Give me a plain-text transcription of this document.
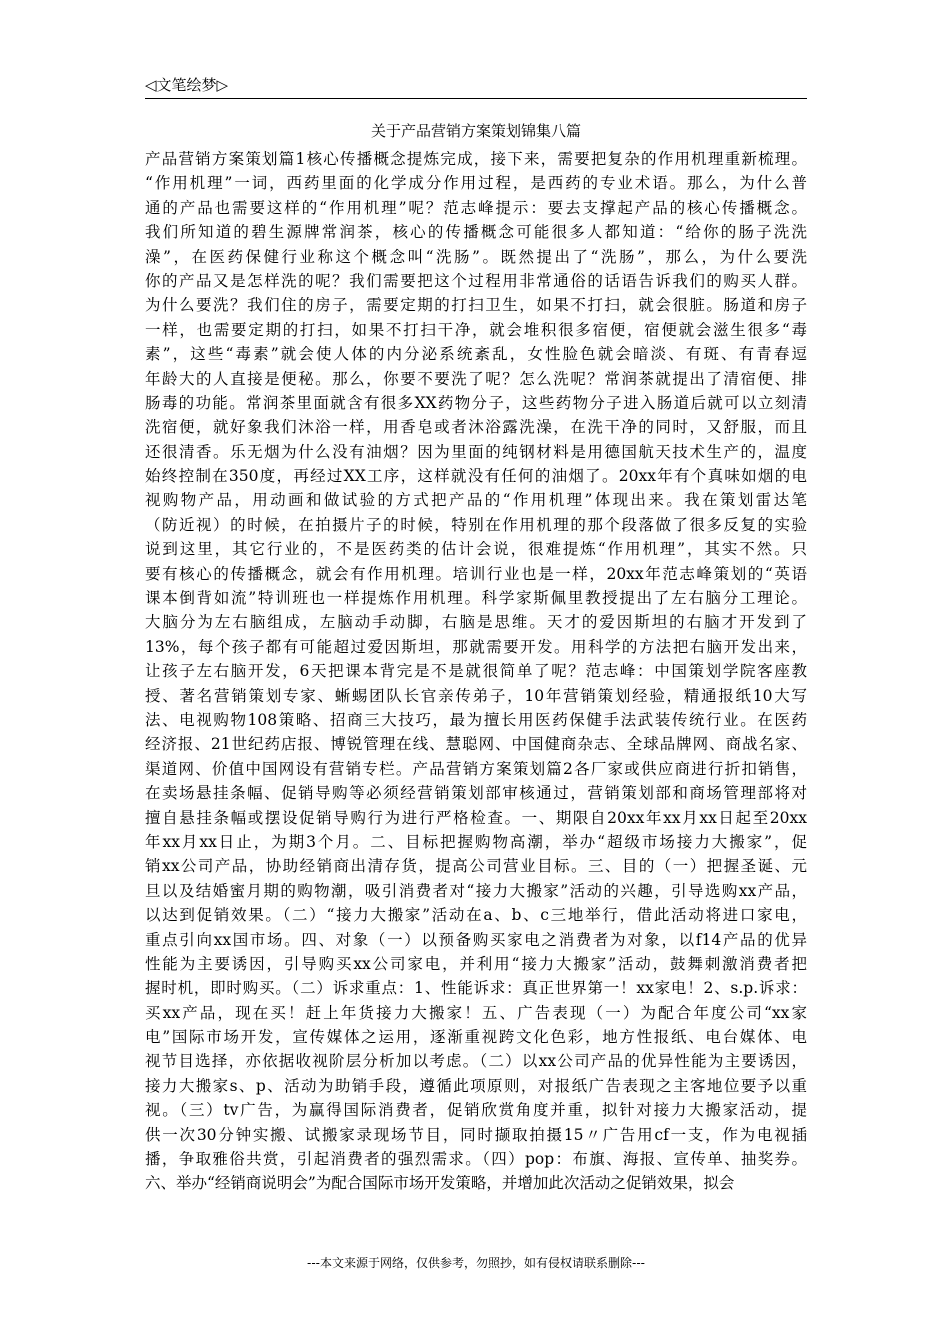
◁文笔绘梦▷
关于产品营销方案策划锦集八篇
产品营销方案策划篇1核心传播概念提炼完成，接下来，需要把复杂的作用机理重新梳理。
“作用机理”一词，西药里面的化学成分作用过程，是西药的专业术语。那么，为什么普
通的产品也需要这样的“作用机理”呢？范志峰提示：要去支撑起产品的核心传播概念。
我们所知道的碧生源牌常润茶，核心的传播概念可能很多人都知道：“给你的肠子洗洗
澡”，在医药保健行业称这个概念叫“洗肠”。既然提出了“洗肠”，那么，为什么要洗
你的产品又是怎样洗的呢？我们需要把这个过程用非常通俗的话语告诉我们的购买人群。
为什么要洗？我们住的房子，需要定期的打扫卫生，如果不打扫，就会很脏。肠道和房子
一样，也需要定期的打扫，如果不打扫干净，就会堆积很多宿便，宿便就会滋生很多“毒
素”，这些“毒素”就会使人体的内分泌系统紊乱，女性脸色就会暗淡、有斑、有青春逗
年龄大的人直接是便秘。那么，你要不要洗了呢？怎么洗呢？常润茶就提出了清宿便、排
肠毒的功能。常润茶里面就含有很多XX药物分子，这些药物分子进入肠道后就可以立刻清
洗宿便，就好象我们沐浴一样，用香皂或者沐浴露洗澡，在洗干净的同时，又舒服，而且
还很清香。乐无烟为什么没有油烟？因为里面的纯钢材料是用德国航天技术生产的，温度
始终控制在350度，再经过XX工序，这样就没有任何的油烟了。20xx年有个真味如烟的电
视购物产品，用动画和做试验的方式把产品的“作用机理”体现出来。我在策划雷达笔
（防近视）的时候，在拍摄片子的时候，特别在作用机理的那个段落做了很多反复的实验
说到这里，其它行业的，不是医药类的估计会说，很难提炼“作用机理”，其实不然。只
要有核心的传播概念，就会有作用机理。培训行业也是一样，20xx年范志峰策划的“英语
课本倒背如流”特训班也一样提炼作用机理。科学家斯佩里教授提出了左右脑分工理论。
大脑分为左右脑组成，左脑动手动脚，右脑是思维。天才的爱因斯坦的右脑才开发到了
13%，每个孩子都有可能超过爱因斯坦，那就需要开发。用科学的方法把右脑开发出来，
让孩子左右脑开发，6天把课本背完是不是就很简单了呢？范志峰：中国策划学院客座教
授、著名营销策划专家、蜥蜴团队长官亲传弟子，10年营销策划经验，精通报纸10大写
法、电视购物108策略、招商三大技巧，最为擅长用医药保健手法武装传统行业。在医药
经济报、21世纪药店报、博锐管理在线、慧聪网、中国健商杂志、全球品牌网、商战名家、
渠道网、价值中国网设有营销专栏。产品营销方案策划篇2各厂家或供应商进行折扣销售，
在卖场悬挂条幅、促销导购等必须经营销策划部审核通过，营销策划部和商场管理部将对
擅自悬挂条幅或摆设促销导购行为进行严格检查。一、期限自20xx年xx月xx日起至20xx
年xx月xx日止，为期3个月。二、目标把握购物高潮，举办“超级市场接力大搬家”，促
销xx公司产品，协助经销商出清存货，提高公司营业目标。三、目的（一）把握圣诞、元
旦以及结婚蜜月期的购物潮，吸引消费者对“接力大搬家”活动的兴趣，引导选购xx产品，
以达到促销效果。（二）“接力大搬家”活动在a、b、c三地举行，借此活动将进口家电，
重点引向xx国市场。四、对象（一）以预备购买家电之消费者为对象，以f14产品的优异
性能为主要诱因，引导购买xx公司家电，并利用“接力大搬家”活动，鼓舞刺激消费者把
握时机，即时购买。（二）诉求重点：1、性能诉求：真正世界第一！xx家电！2、s.p.诉求：
买xx产品，现在买！赶上年货接力大搬家！五、广告表现（一）为配合年度公司“xx家
电”国际市场开发，宣传媒体之运用，逐渐重视跨文化色彩，地方性报纸、电台媒体、电
视节目选择，亦依据收视阶层分析加以考虑。（二）以xx公司产品的优异性能为主要诱因，
接力大搬家s、p、活动为助销手段，遵循此项原则，对报纸广告表现之主客地位要予以重
视。（三）tv广告，为赢得国际消费者，促销欣赏角度并重，拟针对接力大搬家活动，提
供一次30分钟实搬、试搬家录现场节目，同时撷取拍摄15〃广告用cf一支，作为电视插
播，争取雅俗共赏，引起消费者的强烈需求。（四）pop：布旗、海报、宣传单、抽奖券。
六、举办“经销商说明会”为配合国际市场开发策略，并增加此次活动之促销效果，拟会
---本文来源于网络，仅供参考，勿照抄，如有侵权请联系删除---
